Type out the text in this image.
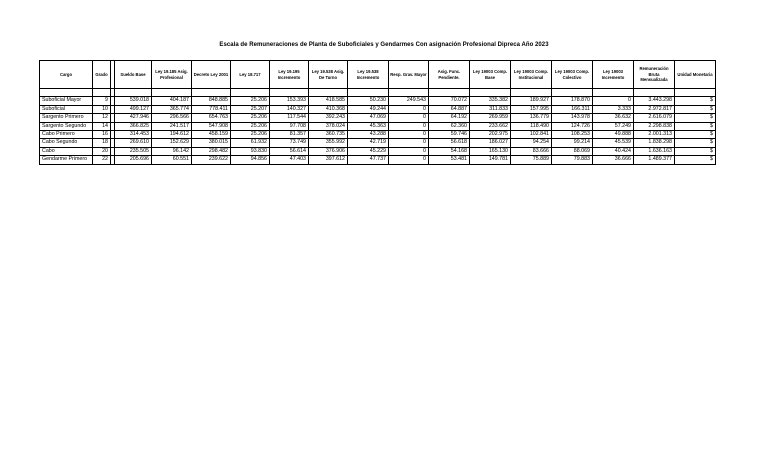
Escala de Remuneraciones de Planta de Suboficiales y Gendarmes Con asignación Profesional Dipreca Año 2023
Cargo	Grado		Sueldo Base	Ley 19.185 Asig. Profesional	Decreto Ley 2001	Ley 18.717	Ley 19.195 Incremento	Ley 19.538 Asig. De Turno	Ley 19.538 Incremento	Resp. Grav. Mayor	Asig. Func. Pendiente.	Ley 19003 Comp. Base	Ley 19003 Comp. Institucional	Ley 19003 Comp. Colectivo	Ley 19003 Incremento	Remuneración Bruta Mensualizada	Unidad Monetaria

Suboficial Mayor	9		539.018	404.187	848.885	25.206	153.393	418.585	50.230	249.543	70.072	335.382	189.927	178.870	0	3.443.298	$
Suboficial	10		499.127	365.774	778.411	25.207	140.327	410.368	49.244	0	64.887	311.833	157.995	166.311	3.333	2.972.817	$
Sargento Primero	12		427.946	296.566	654.763	25.206	117.544	392.243	47.069	0	64.192	269.959	136.779	143.978	36.632	2.616.079	$
Sargento Segundo	14		366.825	241.517	547.908	25.206	97.708	378.024	45.363	0	62.360	233.662	118.490	124.726	57.249	2.298.838	$
Cabo Primero	16		314.453	194.612	458.159	25.206	81.357	360.735	43.288	0	59.746	202.975	102.841	108.253	49.888	2.001.313	$
Cabo Segundo	18		269.610	152.629	380.015	61.932	73.749	355.992	42.719	0	56.618	186.027	94.254	99.214	45.539	1.838.298	$
Cabo	20		235.505	96.142	298.482	93.830	56.614	376.906	45.229	0	54.168	165.130	83.666	88.069	40.424	1.636.163	$
Gendarme Primero	22		205.696	60.551	239.622	94.856	47.403	397.612	47.737	0	53.481	149.781	75.889	79.883	36.666	1.489.377	$
